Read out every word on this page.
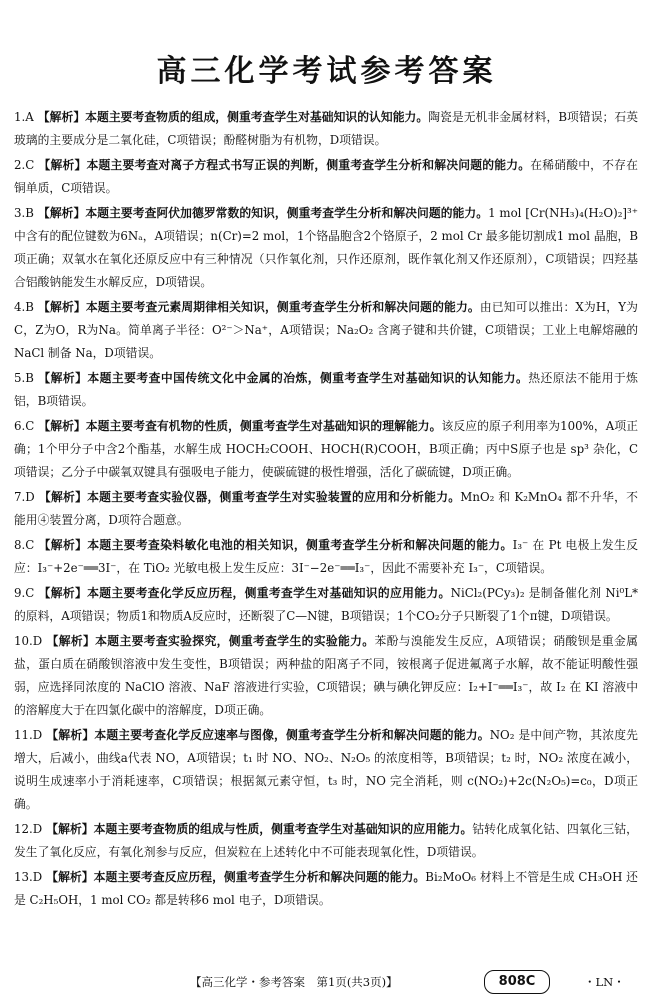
高三化学考试参考答案
1.A 【解析】本题主要考查物质的组成，侧重考查学生对基础知识的认知能力。陶瓷是无机非金属材料，B项错误；石英玻璃的主要成分是二氧化硅，C项错误；酚醛树脂为有机物，D项错误。
2.C 【解析】本题主要考查对离子方程式书写正误的判断，侧重考查学生分析和解决问题的能力。在稀硝酸中，不存在铜单质，C项错误。
3.B 【解析】本题主要考查阿伏加德罗常数的知识，侧重考查学生分析和解决问题的能力。1 mol [Cr(NH₃)₄(H₂O)₂]³⁺ 中含有的配位键数为6Nₐ，A项错误；n(Cr)=2 mol，1个铬晶胞含2个铬原子，2 mol Cr 最多能切割成1 mol 晶胞，B项正确；双氧水在氧化还原反应中有三种情况（只作氧化剂，只作还原剂，既作氧化剂又作还原剂），C项错误；四羟基合铝酸钠能发生水解反应，D项错误。
4.B 【解析】本题主要考查元素周期律相关知识，侧重考查学生分析和解决问题的能力。由已知可以推出：X为H，Y为C，Z为O，R为Na。简单离子半径：O²⁻＞Na⁺，A项错误；Na₂O₂ 含离子键和共价键，C项错误；工业上电解熔融的 NaCl 制备 Na，D项错误。
5.B 【解析】本题主要考查中国传统文化中金属的冶炼，侧重考查学生对基础知识的认知能力。热还原法不能用于炼铝，B项错误。
6.C 【解析】本题主要考查有机物的性质，侧重考查学生对基础知识的理解能力。该反应的原子利用率为100%，A项正确；1个甲分子中含2个酯基，水解生成 HOCH₂COOH、HOCH(R)COOH，B项正确；丙中S原子也是 sp³ 杂化，C项错误；乙分子中碳氧双键具有强吸电子能力，使碳硫键的极性增强，活化了碳硫键，D项正确。
7.D 【解析】本题主要考查实验仪器，侧重考查学生对实验装置的应用和分析能力。MnO₂ 和 K₂MnO₄ 都不升华，不能用④装置分离，D项符合题意。
8.C 【解析】本题主要考查染料敏化电池的相关知识，侧重考查学生分析和解决问题的能力。I₃⁻ 在 Pt 电极上发生反应：I₃⁻+2e⁻══3I⁻，在 TiO₂ 光敏电极上发生反应：3I⁻−2e⁻══I₃⁻，因此不需要补充 I₃⁻，C项错误。
9.C 【解析】本题主要考查化学反应历程，侧重考查学生对基础知识的应用能力。NiCl₂(PCy₃)₂ 是制备催化剂 Ni⁰L* 的原料，A项错误；物质1和物质A反应时，还断裂了C—N键，B项错误；1个CO₂分子只断裂了1个π键，D项错误。
10.D 【解析】本题主要考查实验探究，侧重考查学生的实验能力。苯酚与溴能发生反应，A项错误；硝酸钡是重金属盐，蛋白质在硝酸钡溶液中发生变性，B项错误；两种盐的阳离子不同，铵根离子促进氟离子水解，故不能证明酸性强弱，应选择同浓度的 NaClO 溶液、NaF 溶液进行实验，C项错误；碘与碘化钾反应：I₂+I⁻══I₃⁻，故 I₂ 在 KI 溶液中的溶解度大于在四氯化碳中的溶解度，D项正确。
11.D 【解析】本题主要考查化学反应速率与图像，侧重考查学生分析和解决问题的能力。NO₂ 是中间产物，其浓度先增大，后减小，曲线a代表 NO，A项错误；t₁ 时 NO、NO₂、N₂O₅ 的浓度相等，B项错误；t₂ 时，NO₂ 浓度在减小，说明生成速率小于消耗速率，C项错误；根据氮元素守恒，t₃ 时，NO 完全消耗，则 c(NO₂)+2c(N₂O₅)=c₀，D项正确。
12.D 【解析】本题主要考查物质的组成与性质，侧重考查学生对基础知识的应用能力。钴转化成氧化钴、四氧化三钴，发生了氧化反应，有氧化剂参与反应，但炭粒在上述转化中不可能表现氧化性，D项错误。
13.D 【解析】本题主要考查反应历程，侧重考查学生分析和解决问题的能力。Bi₂MoO₆ 材料上不管是生成 CH₃OH 还是 C₂H₅OH，1 mol CO₂ 都是转移6 mol 电子，D项错误。
【高三化学・参考答案　第1页(共3页)】	808C	・LN・
